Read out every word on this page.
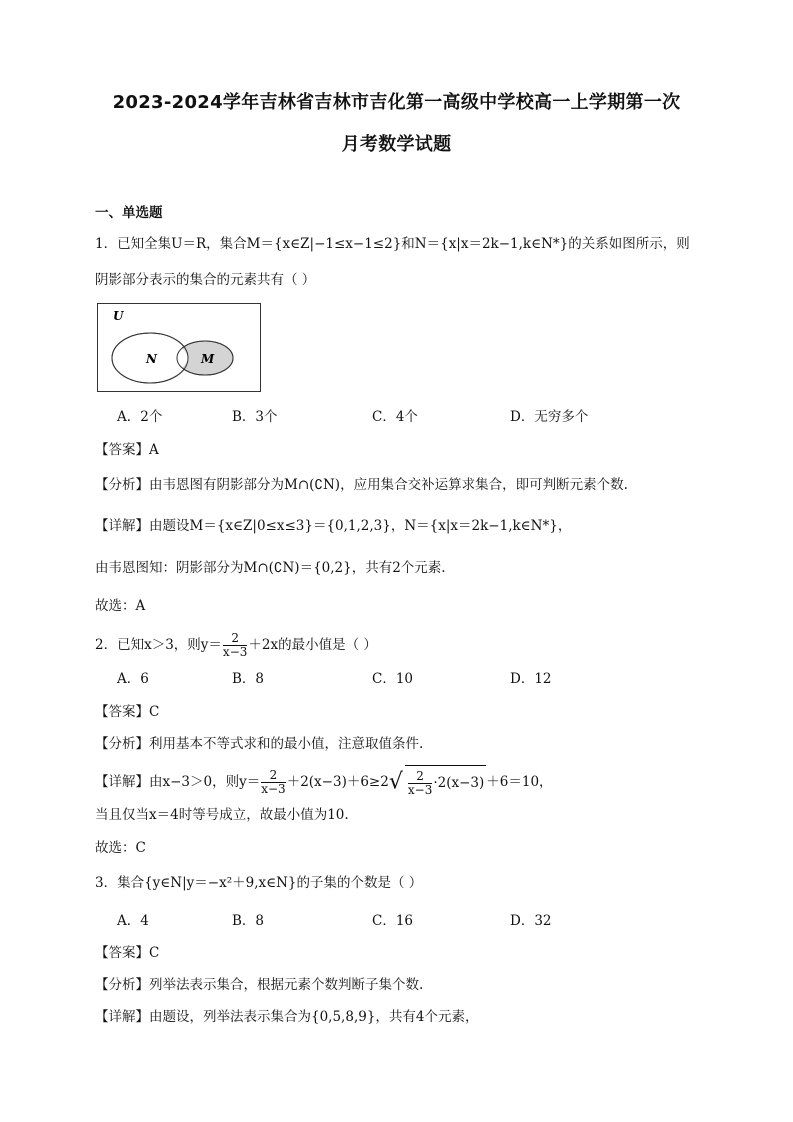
2023-2024学年吉林省吉林市吉化第一高级中学校高一上学期第一次
月考数学试题
一、单选题
1．已知全集U＝R，集合M＝{x∈Z|−1≤x−1≤2}和N＝{x|x＝2k−1,k∈N*}的关系如图所示，则
阴影部分表示的集合的元素共有（ ）
U
N	M
A．2个	B．3个	C．4个	D．无穷多个
【答案】A
【分析】由韦恩图有阴影部分为M∩(∁N)，应用集合交补运算求集合，即可判断元素个数.
【详解】由题设M＝{x∈Z|0≤x≤3}＝{0,1,2,3}，N＝{x|x＝2k−1,k∈N*}，
由韦恩图知：阴影部分为M∩(∁N)＝{0,2}，共有2个元素.
故选：A
2．已知x＞3，则$y= \frac{2}{x-3} +2x$的最小值是（ ）
A．6	B．8	C．10	D．12
【答案】C
【分析】利用基本不等式求和的最小值，注意取值条件.
【详解】由x−3＞0，则$y= \frac{2}{x-3} +2(x-3)+6\ge 2√ \frac{2}{x-3} \cdot 2(x-3) +6=10$，
当且仅当x＝4时等号成立，故最小值为10.
故选：C
3．集合{y∈N|y＝−x²＋9,x∈N}的子集的个数是（ ）
A．4	B．8	C．16	D．32
【答案】C
【分析】列举法表示集合，根据元素个数判断子集个数.
【详解】由题设，列举法表示集合为{0,5,8,9}，共有4个元素，
